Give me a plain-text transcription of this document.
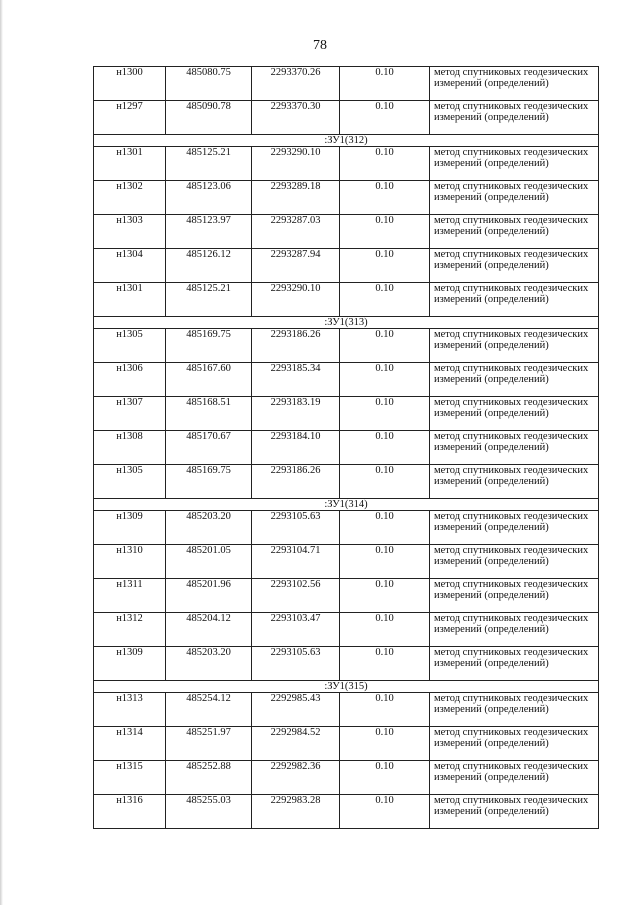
78
н1300	485080.75	2293370.26	0.10	метод спутниковых геодезических измерений (определений)
н1297	485090.78	2293370.30	0.10	метод спутниковых геодезических измерений (определений)
:ЗУ1(312)				
н1301	485125.21	2293290.10	0.10	метод спутниковых геодезических измерений (определений)
н1302	485123.06	2293289.18	0.10	метод спутниковых геодезических измерений (определений)
н1303	485123.97	2293287.03	0.10	метод спутниковых геодезических измерений (определений)
н1304	485126.12	2293287.94	0.10	метод спутниковых геодезических измерений (определений)
н1301	485125.21	2293290.10	0.10	метод спутниковых геодезических измерений (определений)
:ЗУ1(313)				
н1305	485169.75	2293186.26	0.10	метод спутниковых геодезических измерений (определений)
н1306	485167.60	2293185.34	0.10	метод спутниковых геодезических измерений (определений)
н1307	485168.51	2293183.19	0.10	метод спутниковых геодезических измерений (определений)
н1308	485170.67	2293184.10	0.10	метод спутниковых геодезических измерений (определений)
н1305	485169.75	2293186.26	0.10	метод спутниковых геодезических измерений (определений)
:ЗУ1(314)				
н1309	485203.20	2293105.63	0.10	метод спутниковых геодезических измерений (определений)
н1310	485201.05	2293104.71	0.10	метод спутниковых геодезических измерений (определений)
н1311	485201.96	2293102.56	0.10	метод спутниковых геодезических измерений (определений)
н1312	485204.12	2293103.47	0.10	метод спутниковых геодезических измерений (определений)
н1309	485203.20	2293105.63	0.10	метод спутниковых геодезических измерений (определений)
:ЗУ1(315)				
н1313	485254.12	2292985.43	0.10	метод спутниковых геодезических измерений (определений)
н1314	485251.97	2292984.52	0.10	метод спутниковых геодезических измерений (определений)
н1315	485252.88	2292982.36	0.10	метод спутниковых геодезических измерений (определений)
н1316	485255.03	2292983.28	0.10	метод спутниковых геодезических измерений (определений)
